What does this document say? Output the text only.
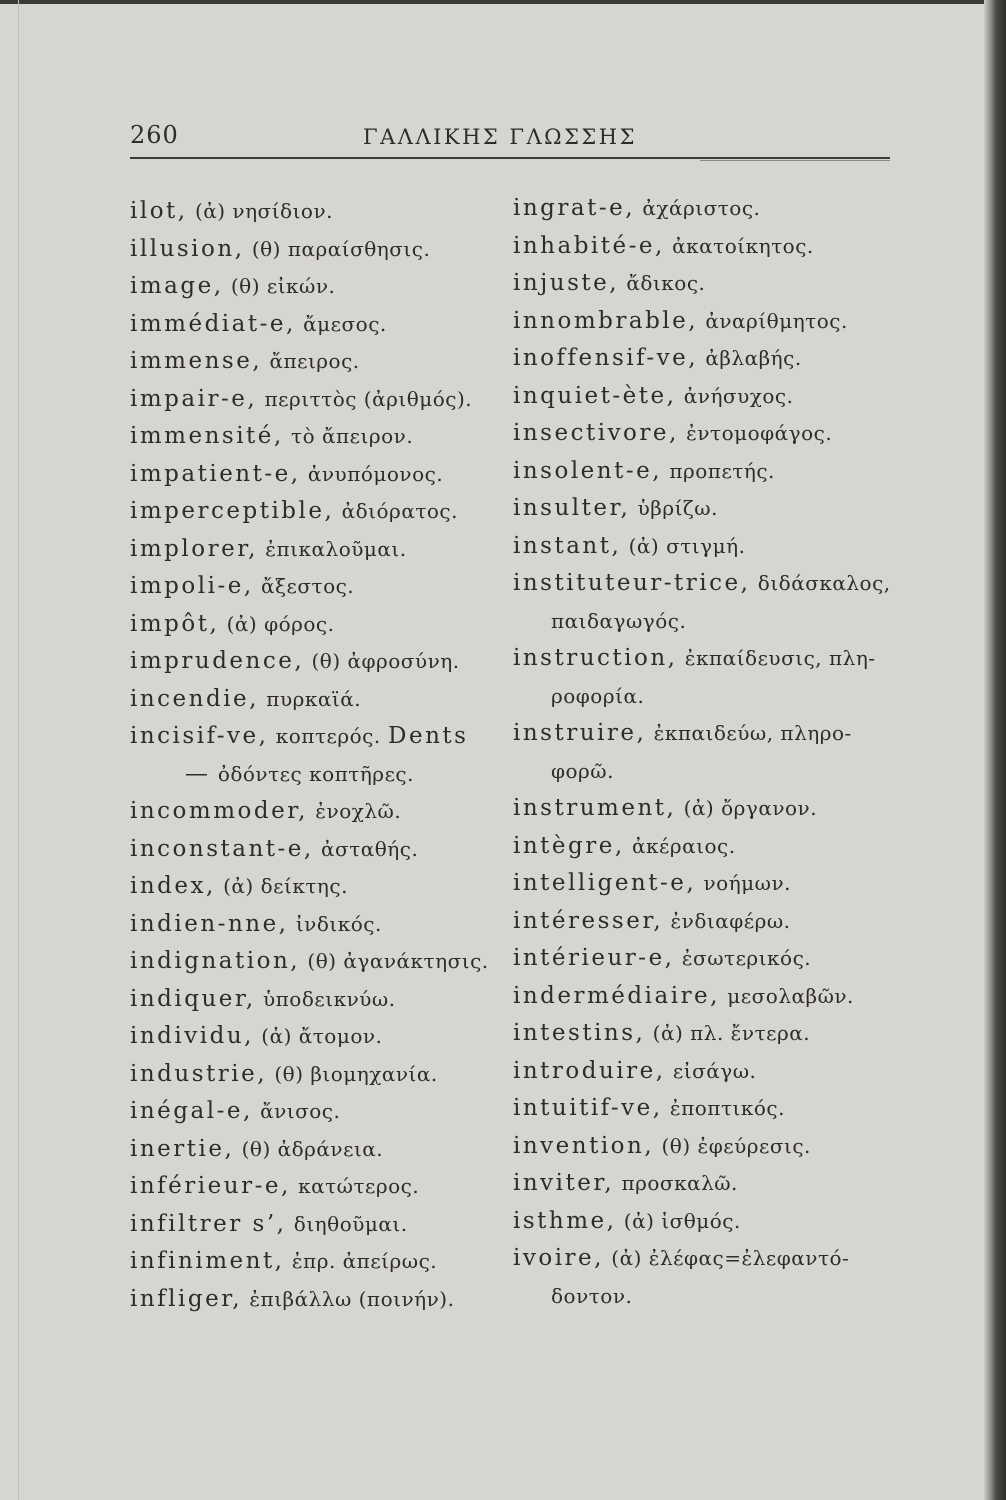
260	ΓΑΛΛΙΚΗΣ ΓΛΩΣΣΗΣ
ilot, (ἀ) νησίδιον.
illusion, (θ) παραίσθησις.
image, (θ) εἰκών.
immédiat-e, ἄμεσος.
immense, ἄπειρος.
impair-e, περιττὸς (ἀριθμός).
immensité, τὸ ἄπειρον.
impatient-e, ἀνυπόμονος.
imperceptible, ἀδιόρατος.
implorer, ἐπικαλοῦμαι.
impoli-e, ἄξεστος.
impôt, (ἀ) φόρος.
imprudence, (θ) ἀφροσύνη.
incendie, πυρκαϊά.
incisif-ve, κοπτερός. Dents
— ὀδόντες κοπτῆρες.
incommoder, ἐνοχλῶ.
inconstant-e, ἀσταθής.
index, (ἀ) δείκτης.
indien-nne, ἰνδικός.
indignation, (θ) ἀγανάκτησις.
indiquer, ὑποδεικνύω.
individu, (ἀ) ἄτομον.
industrie, (θ) βιομηχανία.
inégal-e, ἄνισος.
inertie, (θ) ἀδράνεια.
inférieur-e, κατώτερος.
infiltrer s’, διηθοῦμαι.
infiniment, ἐπρ. ἀπείρως.
infliger, ἐπιβάλλω (ποινήν).
ingrat-e, ἀχάριστος.
inhabité-e, ἀκατοίκητος.
injuste, ἄδικος.
innombrable, ἀναρίθμητος.
inoffensif-ve, ἀβλαβής.
inquiet-ète, ἀνήσυχος.
insectivore, ἐντομοφάγος.
insolent-e, προπετής.
insulter, ὑβρίζω.
instant, (ἀ) στιγμή.
instituteur-trice, διδάσκαλος,
παιδαγωγός.
instruction, ἐκπαίδευσις, πλη-
ροφορία.
instruire, ἐκπαιδεύω, πληρο-
φορῶ.
instrument, (ἀ) ὄργανον.
intègre, ἀκέραιος.
intelligent-e, νοήμων.
intéresser, ἐνδιαφέρω.
intérieur-e, ἐσωτερικός.
indermédiaire, μεσολαβῶν.
intestins, (ἀ) πλ. ἔντερα.
introduire, εἰσάγω.
intuitif-ve, ἐποπτικός.
invention, (θ) ἐφεύρεσις.
inviter, προσκαλῶ.
isthme, (ἀ) ἰσθμός.
ivoire, (ἀ) ἐλέφας=ἐλεφαντό-
δοντον.
